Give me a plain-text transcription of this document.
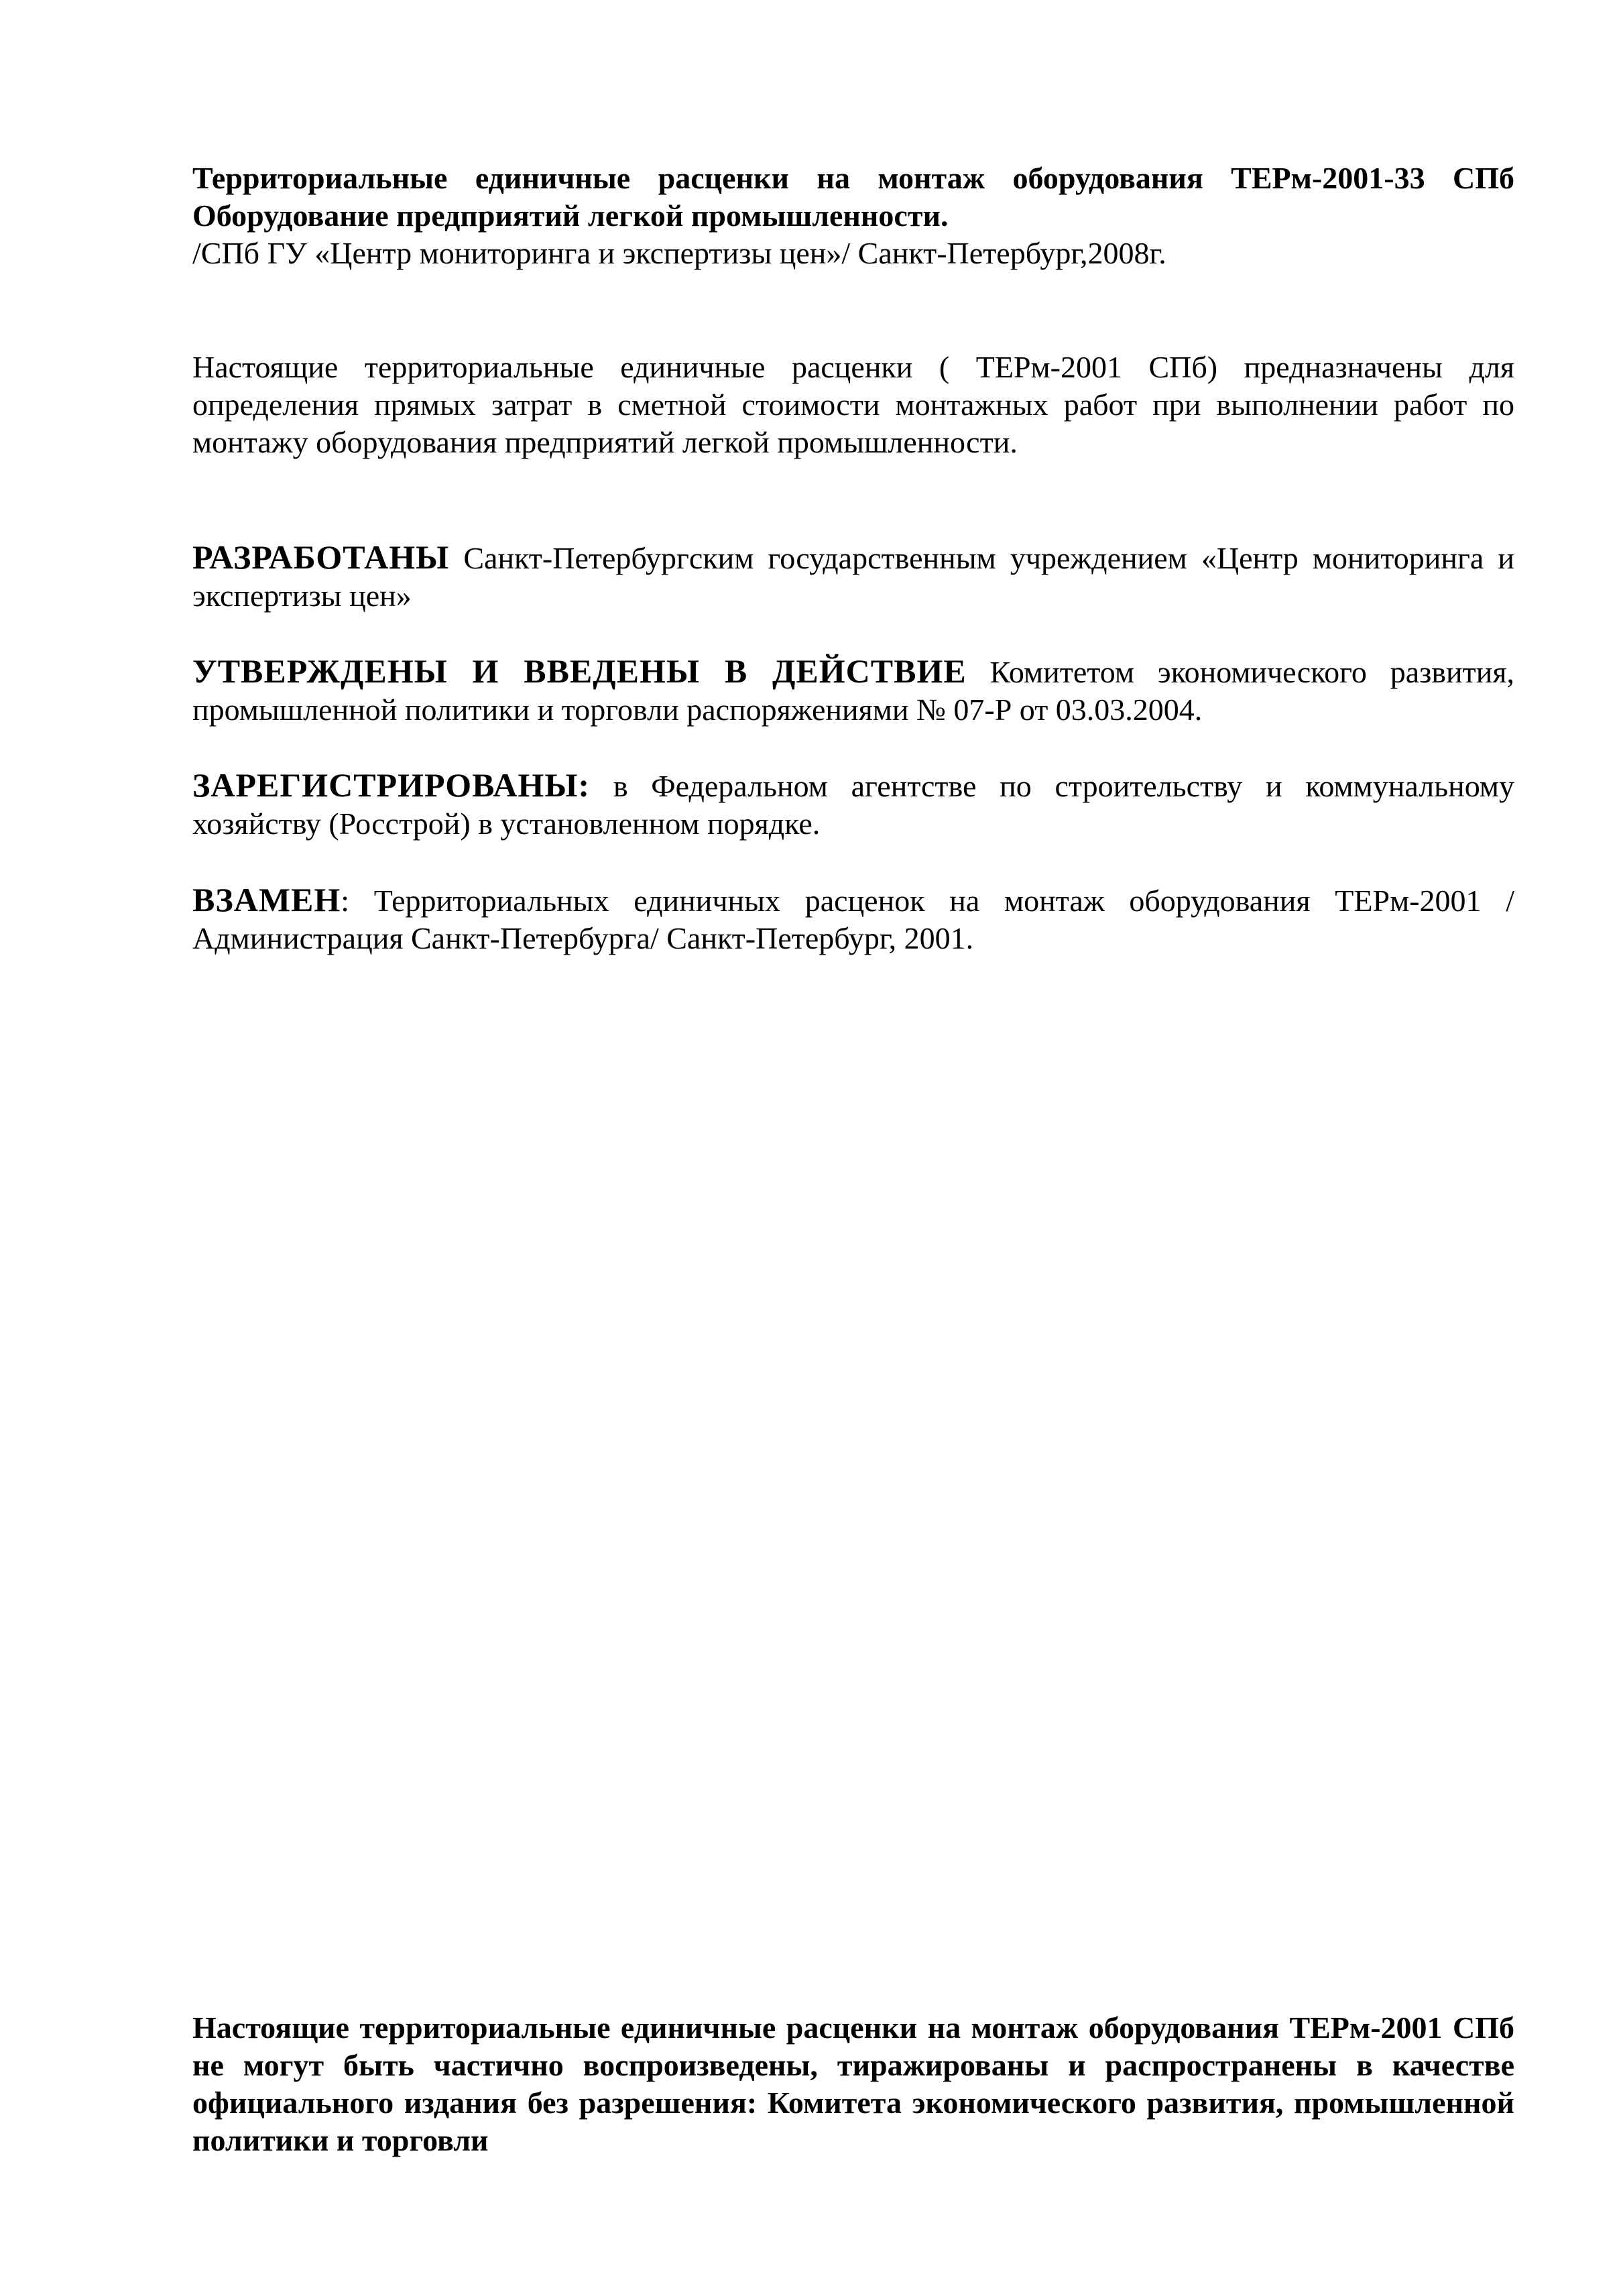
Территориальные единичные расценки на монтаж оборудования ТЕРм-2001-33 СПб
Оборудование предприятий легкой промышленности.
/СПб ГУ «Центр мониторинга и экспертизы цен»/ Санкт-Петербург,2008г.
Настоящие территориальные единичные расценки ( ТЕРм-2001 СПб) предназначены для определения прямых затрат в сметной стоимости монтажных работ при выполнении работ по монтажу оборудования предприятий легкой промышленности.
РАЗРАБОТАНЫ Санкт-Петербургским государственным учреждением «Центр мониторинга и экспертизы цен»
УТВЕРЖДЕНЫ И ВВЕДЕНЫ В ДЕЙСТВИЕ Комитетом экономического развития, промышленной политики и торговли распоряжениями № 07-Р от 03.03.2004.
ЗАРЕГИСТРИРОВАНЫ: в Федеральном агентстве по строительству и коммунальному хозяйству (Росстрой) в установленном порядке.
ВЗАМЕН: Территориальных единичных расценок на монтаж оборудования ТЕРм-2001 /Администрация Санкт-Петербурга/ Санкт-Петербург, 2001.
Настоящие территориальные единичные расценки на монтаж оборудования ТЕРм-2001 СПб не могут быть частично воспроизведены, тиражированы и распространены в качестве официального издания без разрешения: Комитета экономического развития, промышленной политики и торговли
